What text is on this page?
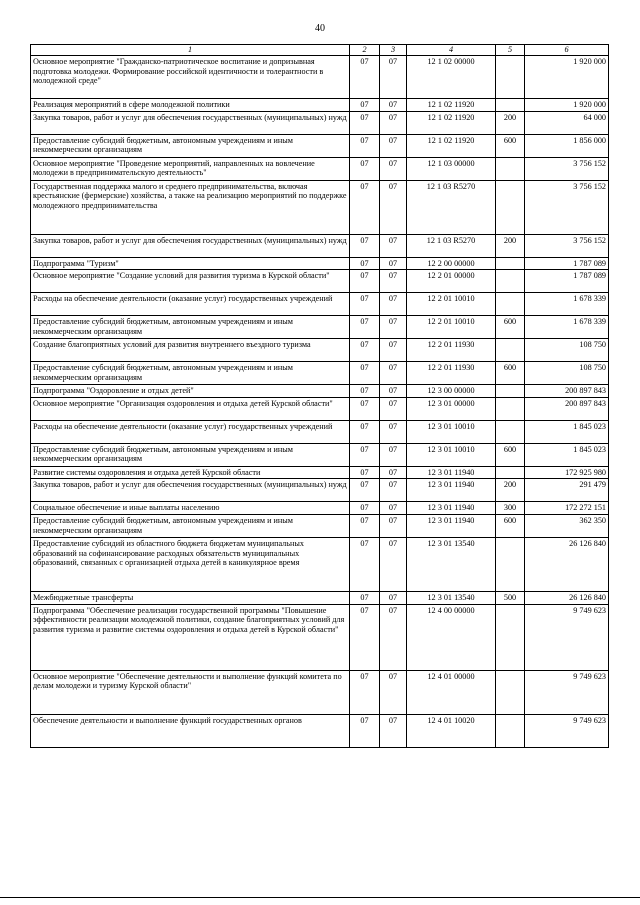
40
1	2	3	4	5	6
Основное мероприятие "Гражданско-патриотическое воспитание и допризывная подготовка молодежи. Формирование российской идентичности и толерантности в молодежной среде"	07	07	12 1 02 00000		1 920 000
Реализация мероприятий в сфере молодежной политики	07	07	12 1 02 11920		1 920 000
Закупка товаров, работ и услуг для обеспечения государственных (муниципальных) нужд	07	07	12 1 02 11920	200	64 000
Предоставление субсидий бюджетным, автономным учреждениям и иным некоммерческим организациям	07	07	12 1 02 11920	600	1 856 000
Основное мероприятие "Проведение мероприятий, направленных на вовлечение молодежи в предпринимательскую деятельность"	07	07	12 1 03 00000		3 756 152
Государственная поддержка малого и среднего предпринимательства, включая крестьянские (фермерские) хозяйства, а также на реализацию мероприятий по поддержке молодежного предпринимательства	07	07	12 1 03 R5270		3 756 152
Закупка товаров, работ и услуг для обеспечения государственных (муниципальных) нужд	07	07	12 1 03 R5270	200	3 756 152
Подпрограмма "Туризм"	07	07	12 2 00 00000		1 787 089
Основное мероприятие "Создание условий для развития туризма в Курской области"	07	07	12 2 01 00000		1 787 089
Расходы на обеспечение деятельности (оказание услуг) государственных учреждений	07	07	12 2 01 10010		1 678 339
Предоставление субсидий бюджетным, автономным учреждениям и иным некоммерческим организациям	07	07	12 2 01 10010	600	1 678 339
Создание благоприятных условий для развития внутреннего въездного туризма	07	07	12 2 01 11930		108 750
Предоставление субсидий бюджетным, автономным учреждениям и иным некоммерческим организациям	07	07	12 2 01 11930	600	108 750
Подпрограмма "Оздоровление и отдых детей"	07	07	12 3 00 00000		200 897 843
Основное мероприятие "Организация оздоровления и отдыха детей Курской области"	07	07	12 3 01 00000		200 897 843
Расходы на обеспечение деятельности (оказание услуг) государственных учреждений	07	07	12 3 01 10010		1 845 023
Предоставление субсидий бюджетным, автономным учреждениям и иным некоммерческим организациям	07	07	12 3 01 10010	600	1 845 023
Развитие системы оздоровления и отдыха детей Курской области	07	07	12 3 01 11940		172 925 980
Закупка товаров, работ и услуг для обеспечения государственных (муниципальных) нужд	07	07	12 3 01 11940	200	291 479
Социальное обеспечение и иные выплаты населению	07	07	12 3 01 11940	300	172 272 151
Предоставление субсидий бюджетным, автономным учреждениям и иным некоммерческим организациям	07	07	12 3 01 11940	600	362 350
Предоставление субсидий из областного бюджета бюджетам муниципальных образований на софинансирование расходных обязательств муниципальных образований, связанных с организацией отдыха детей в каникулярное время	07	07	12 3 01 13540		26 126 840
Межбюджетные трансферты	07	07	12 3 01 13540	500	26 126 840
Подпрограмма "Обеспечение реализации государственной программы "Повышение эффективности реализации молодежной политики, создание благоприятных условий для развития туризма и развитие системы оздоровления и отдыха детей в Курской области"	07	07	12 4 00 00000		9 749 623
Основное мероприятие "Обеспечение деятельности и выполнение функций комитета по делам молодежи и туризму Курской области"	07	07	12 4 01 00000		9 749 623
Обеспечение деятельности и выполнение функций государственных органов	07	07	12 4 01 10020		9 749 623
